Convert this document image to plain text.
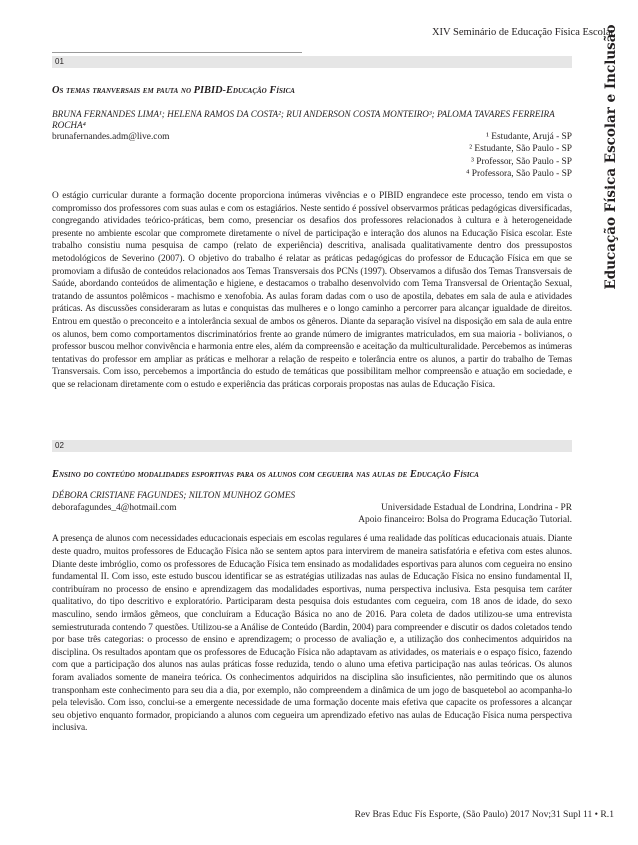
XIV Seminário de Educação Física Escolar
Educação Física Escolar e Inclusão
01

Os temas tranversais em pauta no PIBID-Educação Física

BRUNA FERNANDES LIMA¹; HELENA RAMOS DA COSTA²; RUI ANDERSON COSTA MONTEIRO³; PALOMA TAVARES FERREIRA ROCHA⁴

brunafernandes.adm@live.com	¹ Estudante, Arujá - SP
² Estudante, São Paulo - SP
³ Professor, São Paulo - SP
⁴ Professora, São Paulo - SP

O estágio curricular durante a formação docente proporciona inúmeras vivências e o PIBID engrandece este processo, tendo em vista o compromisso dos professores com suas aulas e com os estagiários. Neste sentido é possível observarmos práticas pedagógicas diversificadas, congregando atividades teórico-práticas, bem como, presenciar os desafios dos professores relacionados à cultura e à heterogeneidade presente no ambiente escolar que compromete diretamente o nível de participação e interação dos alunos na Educação Física escolar. Este trabalho consistiu numa pesquisa de campo (relato de experiência) descritiva, analisada qualitativamente dentro dos pressupostos metodológicos de Severino (2007). O objetivo do trabalho é relatar as práticas pedagógicas do professor de Educação Física em que se promoviam a difusão de conteúdos relacionados aos Temas Transversais dos PCNs (1997). Observamos a difusão dos Temas Transversais de Saúde, abordando conteúdos de alimentação e higiene, e destacamos o trabalho desenvolvido com Tema Transversal de Orientação Sexual, tratando de assuntos polêmicos - machismo e xenofobia. As aulas foram dadas com o uso de apostila, debates em sala de aula e atividades práticas. As discussões consideraram as lutas e conquistas das mulheres e o longo caminho a percorrer para alcançar igualdade de direitos. Entrou em questão o preconceito e a intolerância sexual de ambos os gêneros. Diante da separação visível na disposição em sala de aula entre os alunos, bem como comportamentos discriminatórios frente ao grande número de imigrantes matriculados, em sua maioria - bolivianos, o professor buscou melhor convivência e harmonia entre eles, além da compreensão e aceitação da multiculturalidade. Percebemos as inúmeras tentativas do professor em ampliar as práticas e melhorar a relação de respeito e tolerância entre os alunos, a partir do trabalho de Temas Transversais. Com isso, percebemos a importância do estudo de temáticas que possibilitam melhor compreensão e atuação em sociedade, e que se relacionam diretamente com o estudo e experiência das práticas corporais propostas nas aulas de Educação Física.

02

Ensino do conteúdo modalidades esportivas para os alunos com cegueira nas aulas de Educação Física

DÉBORA CRISTIANE FAGUNDES; NILTON MUNHOZ GOMES

deborafagundes_4@hotmail.com	Universidade Estadual de Londrina, Londrina - PR
Apoio financeiro: Bolsa do Programa Educação Tutorial.

A presença de alunos com necessidades educacionais especiais em escolas regulares é uma realidade das políticas educacionais atuais. Diante deste quadro, muitos professores de Educação Física não se sentem aptos para intervirem de maneira satisfatória e efetiva com estes alunos. Diante deste imbróglio, como os professores de Educação Física tem ensinado as modalidades esportivas para alunos com cegueira no ensino fundamental II. Com isso, este estudo buscou identificar se as estratégias utilizadas nas aulas de Educação Física no ensino fundamental II, contribuíram no processo de ensino e aprendizagem das modalidades esportivas, numa perspectiva inclusiva. Esta pesquisa tem caráter qualitativo, do tipo descritivo e exploratório. Participaram desta pesquisa dois estudantes com cegueira, com 18 anos de idade, do sexo masculino, sendo irmãos gêmeos, que concluíram a Educação Básica no ano de 2016. Para coleta de dados utilizou-se uma entrevista semiestruturada contendo 7 questões. Utilizou-se a Análise de Conteúdo (Bardin, 2004) para compreender e discutir os dados coletados tendo por base três categorias: o processo de ensino e aprendizagem; o processo de avaliação e, a utilização dos conhecimentos adquiridos na disciplina. Os resultados apontam que os professores de Educação Física não adaptavam as atividades, os materiais e o espaço físico, fazendo com que a participação dos alunos nas aulas práticas fosse reduzida, tendo o aluno uma efetiva participação nas aulas teóricas. Os alunos foram avaliados somente de maneira teórica. Os conhecimentos adquiridos na disciplina são insuficientes, não permitindo que os alunos transponham este conhecimento para seu dia a dia, por exemplo, não compreendem a dinâmica de um jogo de basquetebol ao acompanha-lo pela televisão. Com isso, conclui-se a emergente necessidade de uma formação docente mais efetiva que capacite os professores a alcançar seu objetivo enquanto formador, propiciando a alunos com cegueira um aprendizado efetivo nas aulas de Educação Física numa perspectiva inclusiva.

Rev Bras Educ Fís Esporte, (São Paulo) 2017 Nov;31 Supl 11 • R.1
